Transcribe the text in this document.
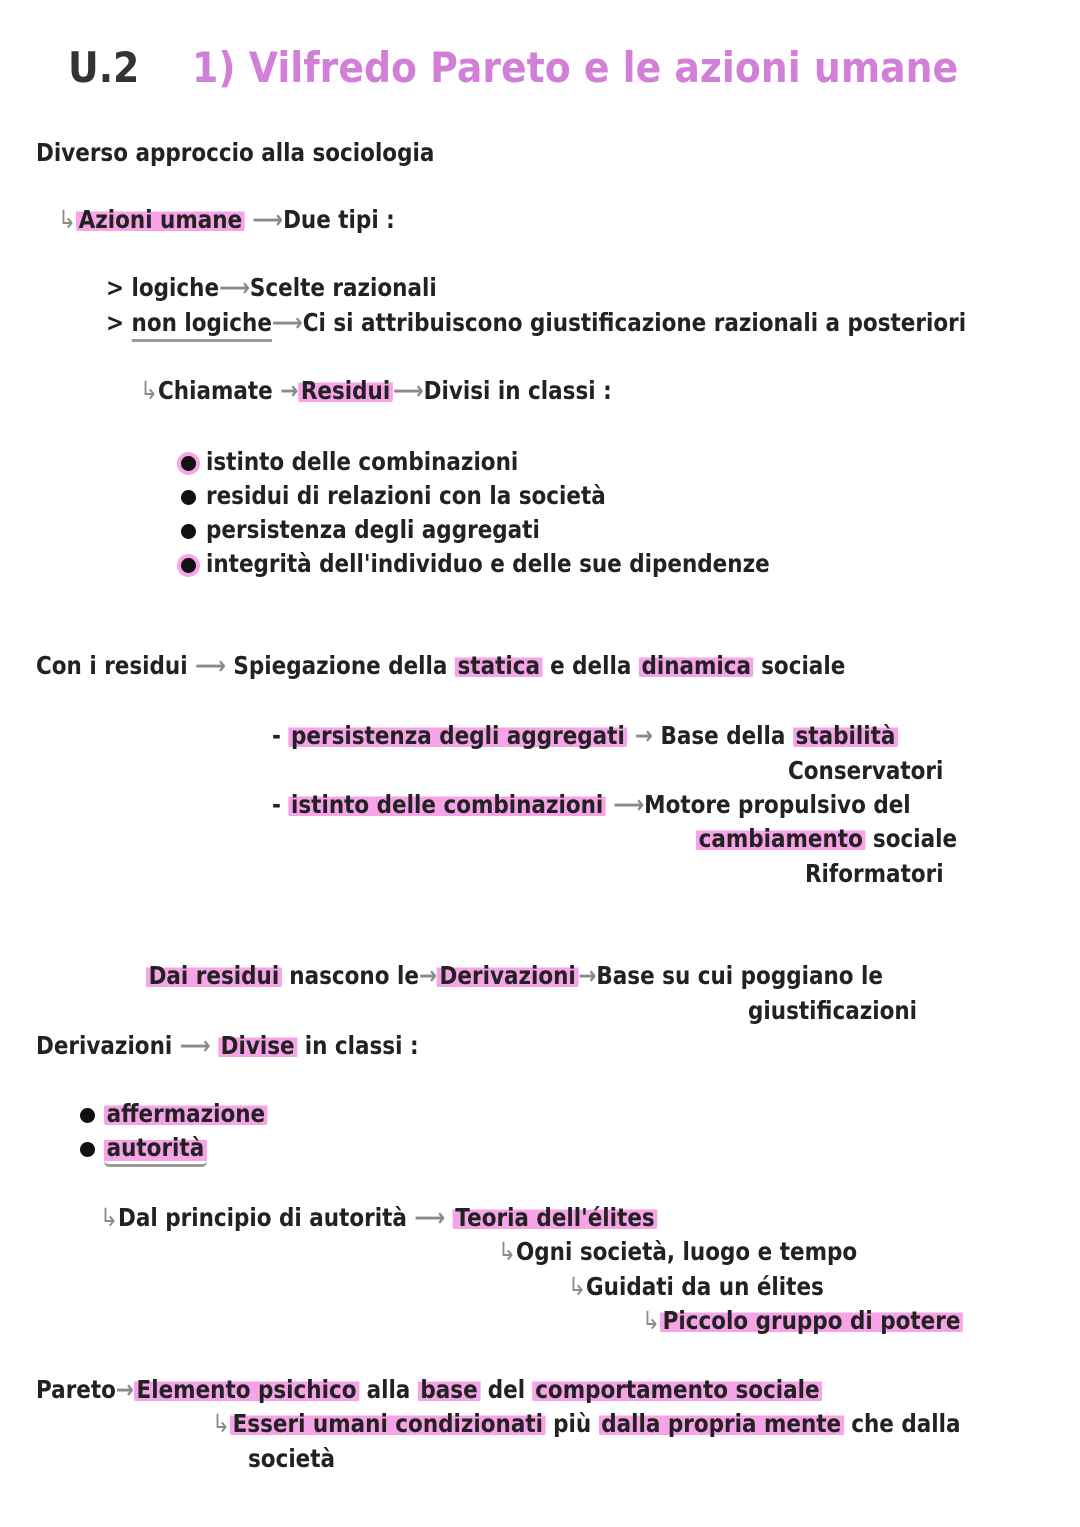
U.2 1) Vilfredo Pareto e le azioni umane
Diverso approccio alla sociologia
↳ Azioni umane ⟶Due tipi :
> logiche⟶Scelte razionali
> non logiche⟶Ci si attribuiscono giustificazione razionali a posteriori
↳Chiamate → Residui ⟶Divisi in classi :
istinto delle combinazioni
residui di relazioni con la società
persistenza degli aggregati
integrità dell'individuo e delle sue dipendenze
Con i residui ⟶ Spiegazione della statica e della dinamica sociale
- persistenza degli aggregati → Base della stabilità
Conservatori
- istinto delle combinazioni ⟶Motore propulsivo del
cambiamento sociale
Riformatori
Dai residui nascono le→ Derivazioni →Base su cui poggiano le
giustificazioni
Derivazioni ⟶ Divise in classi :
affermazione
autorità
↳Dal principio di autorità ⟶ Teoria dell'élites
↳Ogni società, luogo e tempo
↳Guidati da un élites
↳ Piccolo gruppo di potere
Pareto→ Elemento psichico alla base del comportamento sociale
↳ Esseri umani condizionati più dalla propria mente che dalla
società
